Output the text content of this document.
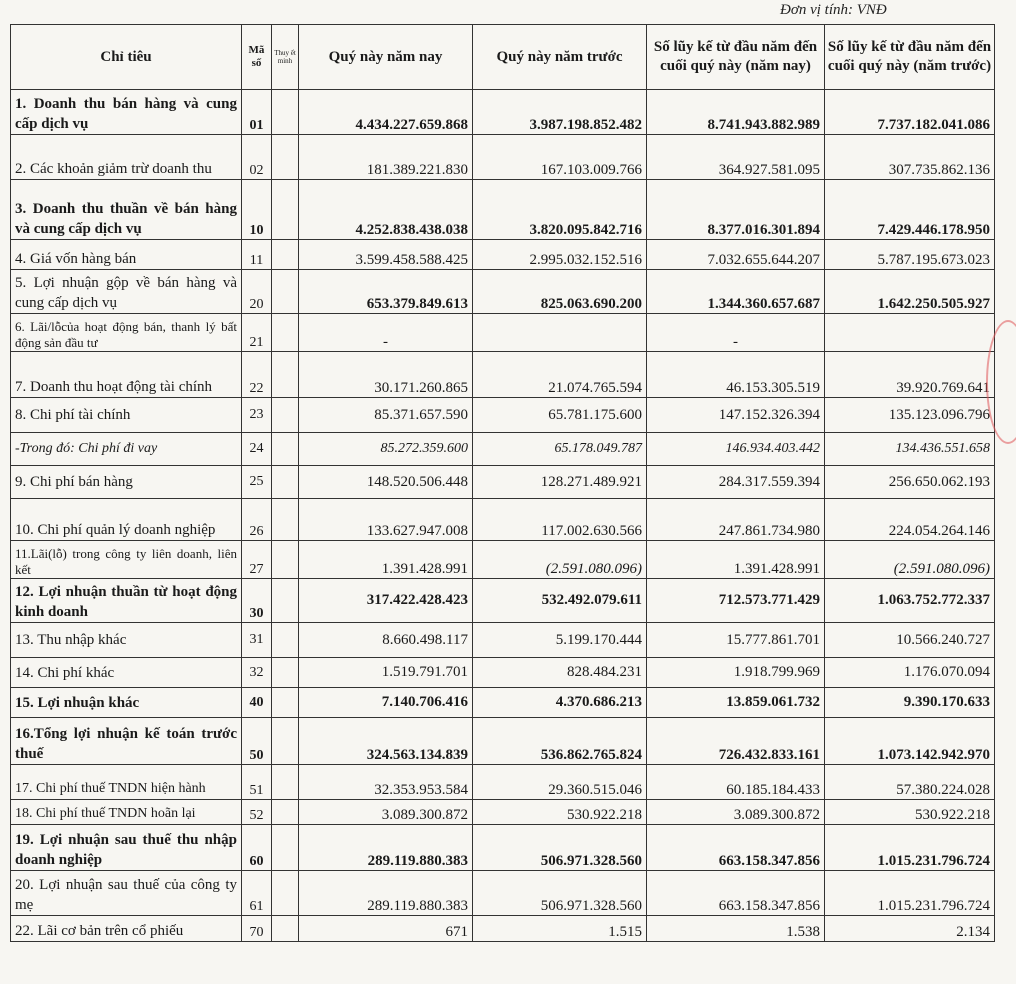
Đơn vị tính: VNĐ
Chỉ tiêu	Mã số	Thuy ết minh	Quý này năm nay	Quý này năm trước	Số lũy kế từ đầu năm đến cuối quý này (năm nay)	Số lũy kế từ đầu năm đến cuối quý này (năm trước)
1. Doanh thu bán hàng và cung cấp dịch vụ	01		4.434.227.659.868	3.987.198.852.482	8.741.943.882.989	7.737.182.041.086
2. Các khoản giảm trừ doanh thu	02		181.389.221.830	167.103.009.766	364.927.581.095	307.735.862.136
3. Doanh thu thuần về bán hàng và cung cấp dịch vụ	10		4.252.838.438.038	3.820.095.842.716	8.377.016.301.894	7.429.446.178.950
4. Giá vốn hàng bán	11		3.599.458.588.425	2.995.032.152.516	7.032.655.644.207	5.787.195.673.023
5. Lợi nhuận gộp về bán hàng và cung cấp dịch vụ	20		653.379.849.613	825.063.690.200	1.344.360.657.687	1.642.250.505.927
6. Lãi/lỗcủa hoạt động bán, thanh lý bất động sản đầu tư	21		-		-	
7. Doanh thu hoạt động tài chính	22		30.171.260.865	21.074.765.594	46.153.305.519	39.920.769.641
8. Chi phí tài chính	23		85.371.657.590	65.781.175.600	147.152.326.394	135.123.096.796
-Trong đó: Chi phí đi vay	24		85.272.359.600	65.178.049.787	146.934.403.442	134.436.551.658
9. Chi phí bán hàng	25		148.520.506.448	128.271.489.921	284.317.559.394	256.650.062.193
10. Chi phí quản lý doanh nghiệp	26		133.627.947.008	117.002.630.566	247.861.734.980	224.054.264.146
11.Lãi(lỗ) trong công ty liên doanh, liên kết	27		1.391.428.991	(2.591.080.096)	1.391.428.991	(2.591.080.096)
12. Lợi nhuận thuần từ hoạt động kinh doanh	30		317.422.428.423	532.492.079.611	712.573.771.429	1.063.752.772.337
13. Thu nhập khác	31		8.660.498.117	5.199.170.444	15.777.861.701	10.566.240.727
14. Chi phí khác	32		1.519.791.701	828.484.231	1.918.799.969	1.176.070.094
15. Lợi nhuận khác	40		7.140.706.416	4.370.686.213	13.859.061.732	9.390.170.633
16.Tổng lợi nhuận kế toán trước thuế	50		324.563.134.839	536.862.765.824	726.432.833.161	1.073.142.942.970
17. Chi phí thuế TNDN hiện hành	51		32.353.953.584	29.360.515.046	60.185.184.433	57.380.224.028
18. Chi phí thuế TNDN hoãn lại	52		3.089.300.872	530.922.218	3.089.300.872	530.922.218
19. Lợi nhuận sau thuế thu nhập doanh nghiệp	60		289.119.880.383	506.971.328.560	663.158.347.856	1.015.231.796.724
20. Lợi nhuận sau thuế của công ty mẹ	61		289.119.880.383	506.971.328.560	663.158.347.856	1.015.231.796.724
22. Lãi cơ bản trên cổ phiếu	70		671	1.515	1.538	2.134
